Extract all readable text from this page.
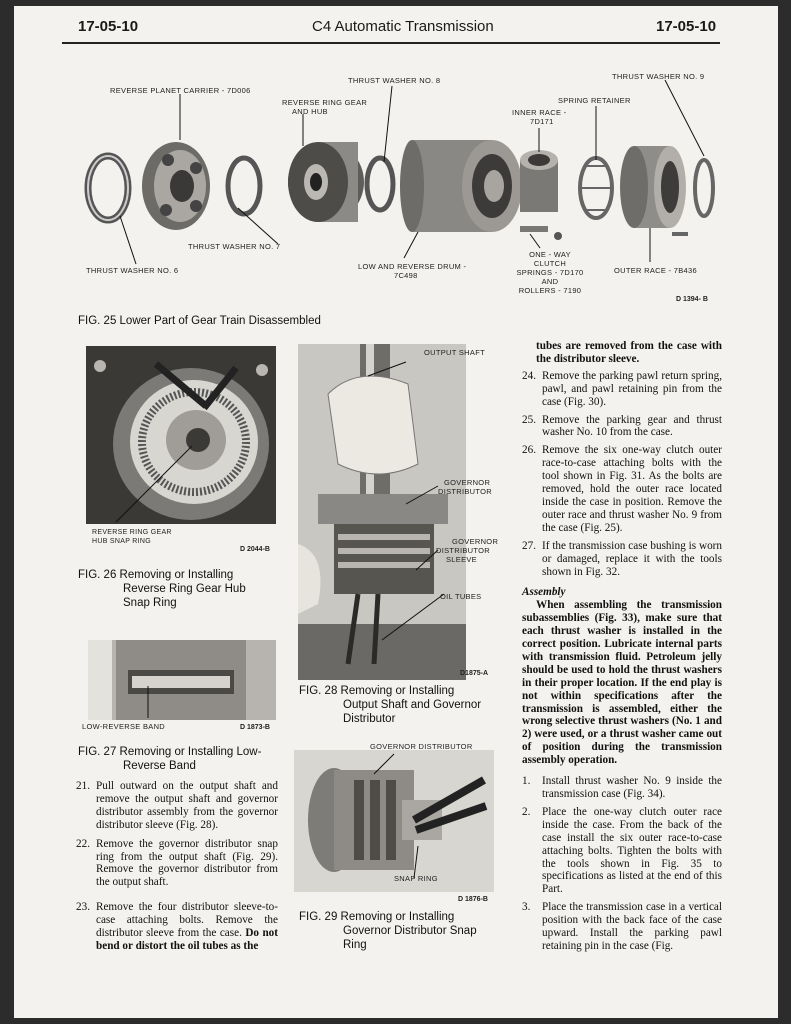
17-05-10	C4 Automatic Transmission	17-05-10
REVERSE PLANET CARRIER - 7D006
THRUST WASHER NO. 8
REVERSE RING GEAR
AND HUB
THRUST WASHER NO. 9
SPRING RETAINER
INNER RACE -
7D171
THRUST WASHER NO. 7
THRUST WASHER NO. 6	LOW AND REVERSE DRUM -
7C498
ONE - WAY
CLUTCH
SPRINGS - 7D170
AND
ROLLERS - 7190
OUTER RACE - 7B436
D 1394- B
FIG. 25 Lower Part of Gear Train Disassembled
REVERSE RING GEAR
HUB SNAP RING
D 2044-B
FIG. 26 Removing or Installing
Reverse Ring Gear Hub
Snap Ring
LOW-REVERSE BAND	D 1873-B
FIG. 27 Removing or Installing Low-
Reverse Band
21. Pull outward on the output shaft and remove the output shaft and governor distributor assembly from the governor distributor sleeve (Fig. 28).
22. Remove the governor distributor snap ring from the output shaft (Fig. 29). Remove the governor distributor from the output shaft.
23. Remove the four distributor sleeve-to-case attaching bolts. Remove the distributor sleeve from the case. Do not bend or distort the oil tubes as the
OUTPUT SHAFT
GOVERNOR
DISTRIBUTOR
GOVERNOR
DISTRIBUTOR
SLEEVE
OIL TUBES
D1875-A
FIG. 28 Removing or Installing
Output Shaft and Governor
Distributor
GOVERNOR DISTRIBUTOR
SNAP RING
D 1876-B
FIG. 29 Removing or Installing
Governor Distributor Snap
Ring
tubes are removed from the case with the distributor sleeve.
24. Remove the parking pawl return spring, pawl, and pawl retaining pin from the case (Fig. 30).
25. Remove the parking gear and thrust washer No. 10 from the case.
26. Remove the six one-way clutch outer race-to-case attaching bolts with the tool shown in Fig. 31. As the bolts are removed, hold the outer race located inside the case in position. Remove the outer race and thrust washer No. 9 from the case (Fig. 25).
27. If the transmission case bushing is worn or damaged, replace it with the tools shown in Fig. 32.
Assembly
When assembling the transmission subassemblies (Fig. 33), make sure that each thrust washer is installed in the correct position. Lubricate internal parts with transmission fluid. Petroleum jelly should be used to hold the thrust washers in their proper location. If the end play is not within specifications after the transmission is assembled, either the wrong selective thrust washers (No. 1 and 2) were used, or a thrust washer came out of position during the transmission assembly operation.
1.	Install thrust washer No. 9 inside the transmission case (Fig. 34).
2.	Place the one-way clutch outer race inside the case. From the back of the case install the six outer race-to-case attaching bolts. Tighten the bolts with the tools shown in Fig. 35 to specifications as listed at the end of this Part.
3.	Place the transmission case in a vertical position with the back face of the case upward. Install the parking pawl retaining pin in the case (Fig.
